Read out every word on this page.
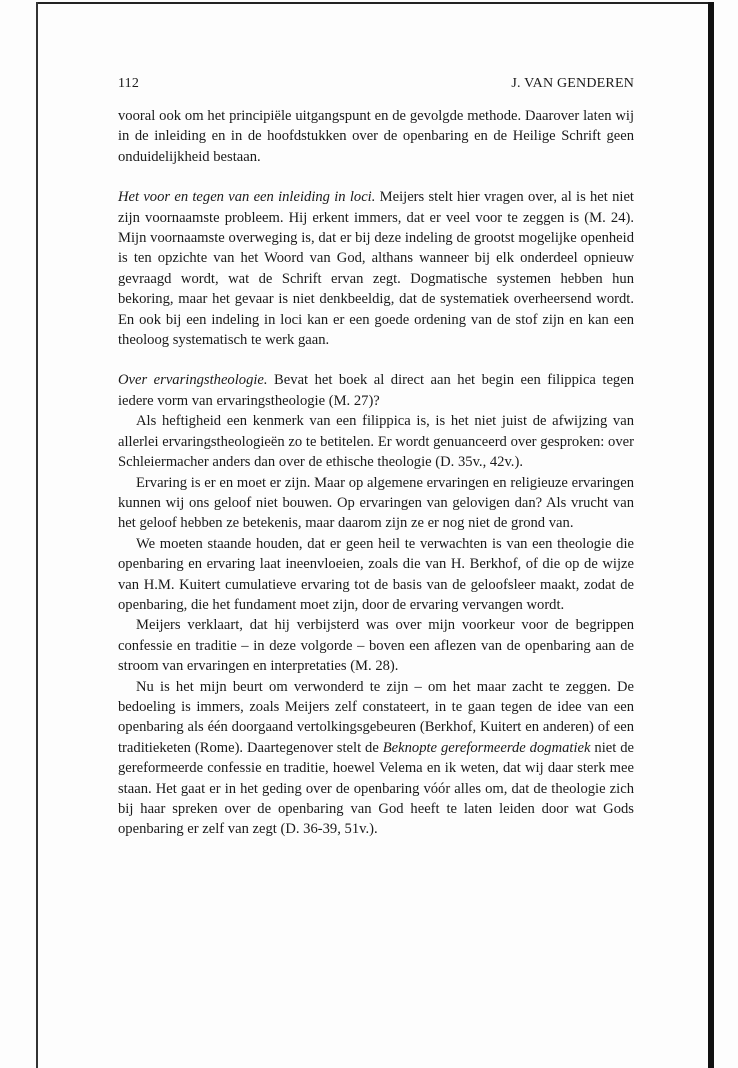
112	J. VAN GENDEREN

vooral ook om het principiële uitgangspunt en de gevolgde methode. Daarover laten wij in de inleiding en in de hoofdstukken over de openbaring en de Heilige Schrift geen onduidelijkheid bestaan.

Het voor en tegen van een inleiding in loci. Meijers stelt hier vragen over, al is het niet zijn voornaamste probleem. Hij erkent immers, dat er veel voor te zeggen is (M. 24). Mijn voornaamste overweging is, dat er bij deze indeling de grootst mogelijke openheid is ten opzichte van het Woord van God, althans wanneer bij elk onderdeel opnieuw gevraagd wordt, wat de Schrift ervan zegt. Dogmatische systemen hebben hun bekoring, maar het gevaar is niet denkbeeldig, dat de systematiek overheersend wordt. En ook bij een indeling in loci kan er een goede ordening van de stof zijn en kan een theoloog systematisch te werk gaan.

Over ervaringstheologie. Bevat het boek al direct aan het begin een filippica tegen iedere vorm van ervaringstheologie (M. 27)?

Als heftigheid een kenmerk van een filippica is, is het niet juist de afwijzing van allerlei ervaringstheologieën zo te betitelen. Er wordt genuanceerd over gesproken: over Schleiermacher anders dan over de ethische theologie (D. 35v., 42v.).

Ervaring is er en moet er zijn. Maar op algemene ervaringen en religieuze ervaringen kunnen wij ons geloof niet bouwen. Op ervaringen van gelovigen dan? Als vrucht van het geloof hebben ze betekenis, maar daarom zijn ze er nog niet de grond van.

We moeten staande houden, dat er geen heil te verwachten is van een theologie die openbaring en ervaring laat ineenvloeien, zoals die van H. Berkhof, of die op de wijze van H.M. Kuitert cumulatieve ervaring tot de basis van de geloofsleer maakt, zodat de openbaring, die het fundament moet zijn, door de ervaring vervangen wordt.

Meijers verklaart, dat hij verbijsterd was over mijn voorkeur voor de begrippen confessie en traditie – in deze volgorde – boven een aflezen van de openbaring aan de stroom van ervaringen en interpretaties (M. 28).

Nu is het mijn beurt om verwonderd te zijn – om het maar zacht te zeggen. De bedoeling is immers, zoals Meijers zelf constateert, in te gaan tegen de idee van een openbaring als één doorgaand vertolkingsgebeuren (Berkhof, Kuitert en anderen) of een traditieketen (Rome). Daartegenover stelt de Beknopte gereformeerde dogmatiek niet de gereformeerde confessie en traditie, hoewel Velema en ik weten, dat wij daar sterk mee staan. Het gaat er in het geding over de openbaring vóór alles om, dat de theologie zich bij haar spreken over de openbaring van God heeft te laten leiden door wat Gods openbaring er zelf van zegt (D. 36-39, 51v.).
